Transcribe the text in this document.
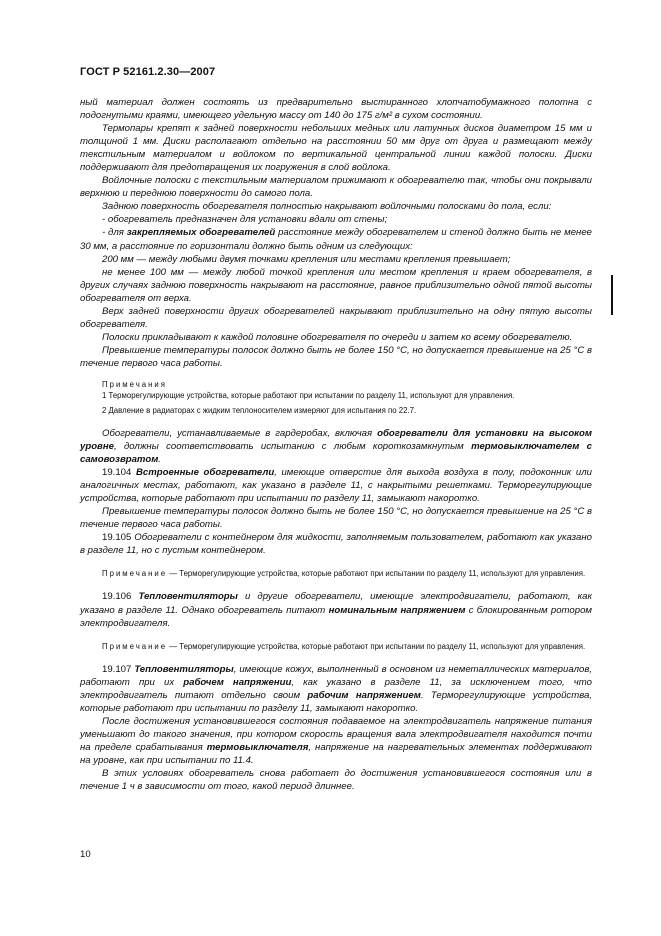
ГОСТ Р 52161.2.30—2007

ный материал должен состоять из предварительно выстиранного хлопчатобумажного полотна с подогнутыми краями, имеющего удельную массу от 140 до 175 г/м² в сухом состоянии.

Термопары крепят к задней поверхности небольших медных или латунных дисков диаметром 15 мм и толщиной 1 мм. Диски располагают отдельно на расстоянии 50 мм друг от друга и размещают между текстильным материалом и войлоком по вертикальной центральной линии каждой полоски. Диски поддерживают для предотвращения их погружения в слой войлока.

Войлочные полоски с текстильным материалом прижимают к обогревателю так, чтобы они покрывали верхнюю и переднюю поверхности до самого пола.

Заднюю поверхность обогревателя полностью накрывают войлочными полосками до пола, если:

- обогреватель предназначен для установки вдали от стены;

- для закрепляемых обогревателей расстояние между обогревателем и стеной должно быть не менее 30 мм, а расстояние по горизонтали должно быть одним из следующих:

200 мм — между любыми двумя точками крепления или местами крепления превышает;

не менее 100 мм — между любой точкой крепления или местом крепления и краем обогревателя, в других случаях заднюю поверхность накрывают на расстояние, равное приблизительно одной пятой высоты обогревателя от верха.

Верх задней поверхности других обогревателей накрывают приблизительно на одну пятую высоты обогревателя.

Полоски прикладывают к каждой половине обогревателя по очереди и затем ко всему обогревателю.

Превышение температуры полосок должно быть не более 150 °С, но допускается превышение на 25 °С в течение первого часа работы.

Примечания

1 Терморегулирующие устройства, которые работают при испытании по разделу 11, используют для управления.

2 Давление в радиаторах с жидким теплоносителем измеряют для испытания по 22.7.

Обогреватели, устанавливаемые в гардеробах, включая обогреватели для установки на высоком уровне, должны соответствовать испытанию с любым короткозамкнутым термовыключателем с самовозвратом.

19.104 Встроенные обогреватели, имеющие отверстие для выхода воздуха в полу, подоконник или аналогичных местах, работают, как указано в разделе 11, с накрытыми решетками. Терморегулирующие устройства, которые работают при испытании по разделу 11, замыкают накоротко.

Превышение температуры полосок должно быть не более 150 °С, но допускается превышение на 25 °С в течение первого часа работы.

19.105 Обогреватели с контейнером для жидкости, заполняемым пользователем, работают как указано в разделе 11, но с пустым контейнером.

Примечание — Терморегулирующие устройства, которые работают при испытании по разделу 11, используют для управления.

19.106 Тепловентиляторы и другие обогреватели, имеющие электродвигатели, работают, как указано в разделе 11. Однако обогреватель питают номинальным напряжением с блокированным ротором электродвигателя.

Примечание — Терморегулирующие устройства, которые работают при испытании по разделу 11, используют для управления.

19.107 Тепловентиляторы, имеющие кожух, выполненный в основном из неметаллических материалов, работают при их рабочем напряжении, как указано в разделе 11, за исключением того, что электродвигатель питают отдельно своим рабочим напряжением. Терморегулирующие устройства, которые работают при испытании по разделу 11, замыкают накоротко.

После достижения установившегося состояния подаваемое на электродвигатель напряжение питания уменьшают до такого значения, при котором скорость вращения вала электродвигателя находится почти на пределе срабатывания термовыключателя, напряжение на нагревательных элементах поддерживают на уровне, как при испытании по 11.4.

В этих условиях обогреватель снова работает до достижения установившегося состояния или в течение 1 ч в зависимости от того, какой период длиннее.

10
